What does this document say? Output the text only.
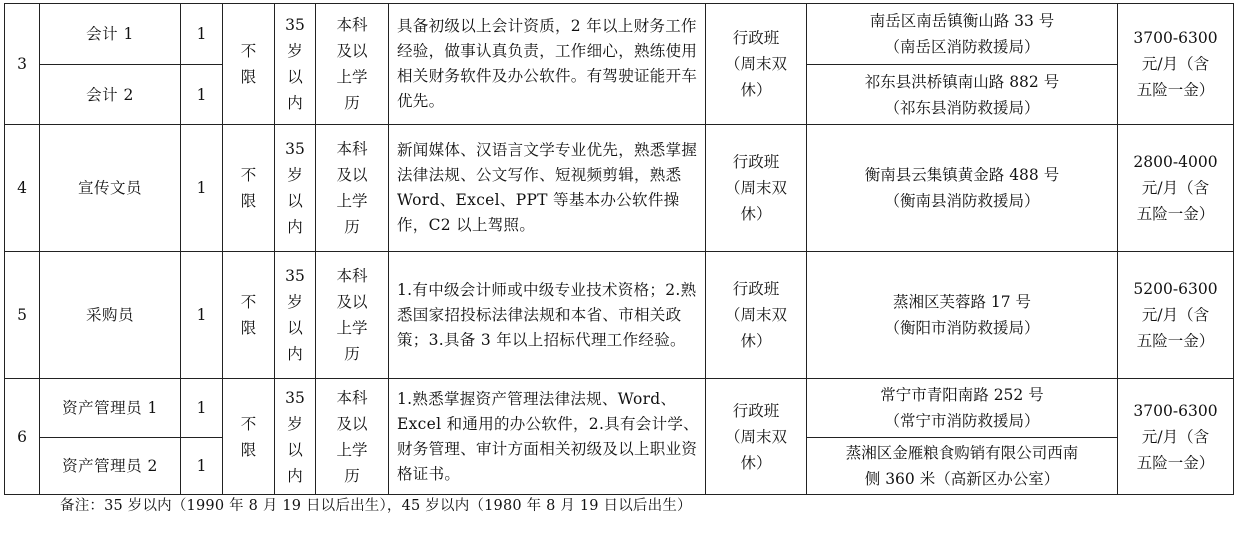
3	会计 1	1	不
限	35
岁
以
内	本科
及以
上学
历	具备初级以上会计资质，2 年以上财务工作经验，做事认真负责，工作细心，熟练使用相关财务软件及办公软件。有驾驶证能开车优先。	行政班
（周末双
休）	南岳区南岳镇衡山路 33 号
（南岳区消防救援局）	3700-6300
元/月（含
五险一金）
	会计 2	1						祁东县洪桥镇南山路 882 号
（祁东县消防救援局）	
4	宣传文员	1	不
限	35
岁
以
内	本科
及以
上学
历	新闻媒体、汉语言文学专业优先，熟悉掌握法律法规、公文写作、短视频剪辑，熟悉 Word、Excel、PPT 等基本办公软件操作，C2 以上驾照。	行政班
（周末双
休）	衡南县云集镇黄金路 488 号
（衡南县消防救援局）	2800-4000
元/月（含
五险一金）
5	采购员	1	不
限	35
岁
以
内	本科
及以
上学
历	1.有中级会计师或中级专业技术资格；2.熟悉国家招投标法律法规和本省、市相关政策；3.具备 3 年以上招标代理工作经验。	行政班
（周末双
休）	蒸湘区芙蓉路 17 号
（衡阳市消防救援局）	5200-6300
元/月（含
五险一金）
6	资产管理员 1	1	不
限	35
岁
以
内	本科
及以
上学
历	1.熟悉掌握资产管理法律法规、Word、Excel 和通用的办公软件，2.具有会计学、财务管理、审计方面相关初级及以上职业资格证书。	行政班
（周末双
休）	常宁市青阳南路 252 号
（常宁市消防救援局）	3700-6300
元/月（含
五险一金）
	资产管理员 2	1						蒸湘区金雁粮食购销有限公司西南
侧 360 米（高新区办公室）	
备注：35 岁以内（1990 年 8 月 19 日以后出生），45 岁以内（1980 年 8 月 19 日以后出生）
